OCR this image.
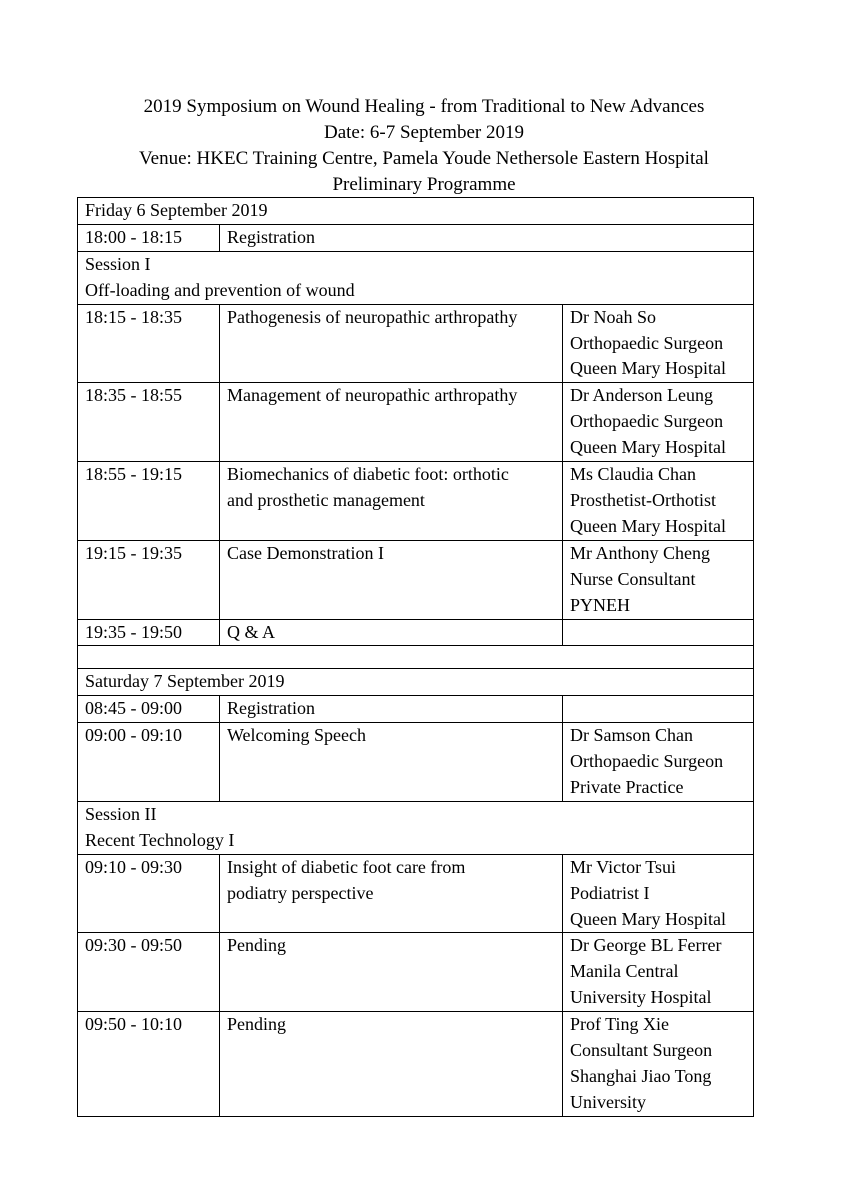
2019 Symposium on Wound Healing - from Traditional to New Advances
Date: 6-7 September 2019
Venue: HKEC Training Centre, Pamela Youde Nethersole Eastern Hospital
Preliminary Programme
Friday 6 September 2019		
18:00 - 18:15	Registration	

Session I
Off-loading and prevention of wound		

18:15 - 18:35	Pathogenesis of neuropathic arthropathy	Dr Noah So
Orthopaedic Surgeon
Queen Mary Hospital

18:35 - 18:55	Management of neuropathic arthropathy	Dr Anderson Leung
Orthopaedic Surgeon
Queen Mary Hospital

18:55 - 19:15	Biomechanics of diabetic foot: orthotic
and prosthetic management	Ms Claudia Chan
Prosthetist-Orthotist
Queen Mary Hospital

19:15 - 19:35	Case Demonstration I	Mr Anthony Cheng
Nurse Consultant
PYNEH

19:35 - 19:50	Q & A	

Saturday 7 September 2019		
08:45 - 09:00	Registration	
09:00 - 09:10	Welcoming Speech	Dr Samson Chan
Orthopaedic Surgeon
Private Practice

Session II
Recent Technology I		

09:10 - 09:30	Insight of diabetic foot care from
podiatry perspective	Mr Victor Tsui
Podiatrist I
Queen Mary Hospital

09:30 - 09:50	Pending	Dr George BL Ferrer
Manila Central
University Hospital

09:50 - 10:10	Pending	Prof Ting Xie
Consultant Surgeon
Shanghai Jiao Tong
University
